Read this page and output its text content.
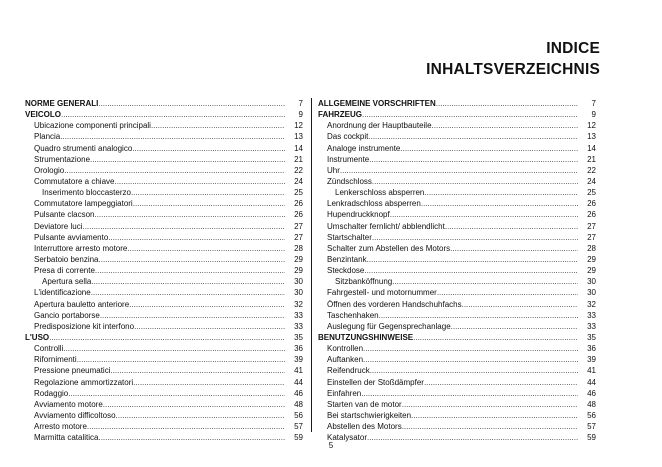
INDICE
INHALTSVERZEICHNIS
NORME GENERALI .....	7
VEICOLO .....	9
Ubicazione componenti principali .....	12
Plancia .....	13
Quadro strumenti analogico .....	14
Strumentazione .....	21
Orologio .....	22
Commutatore a chiave .....	24
Inserimento bloccasterzo .....	25
Commutatore lampeggiatori .....	26
Pulsante clacson .....	26
Deviatore luci .....	27
Pulsante avviamento .....	27
Interruttore arresto motore .....	28
Serbatoio benzina .....	29
Presa di corrente .....	29
Apertura sella .....	30
L'identificazione .....	30
Apertura bauletto anteriore .....	32
Gancio portaborse .....	33
Predisposizione kit interfono .....	33
L'USO .....	35
Controlli .....	36
Rifornimenti .....	39
Pressione pneumatici .....	41
Regolazione ammortizzatori .....	44
Rodaggio .....	46
Avviamento motore .....	48
Avviamento difficoltoso .....	56
Arresto motore .....	57
Marmitta catalitica .....	59
ALLGEMEINE VORSCHRIFTEN .....	7
FAHRZEUG .....	9
Anordnung der Hauptbauteile .....	12
Das cockpit .....	13
Analoge instrumente .....	14
Instrumente .....	21
Uhr .....	22
Zündschloss .....	24
Lenkerschloss absperren .....	25
Lenkradschloss absperren .....	26
Hupendruckknopf .....	26
Umschalter fernlicht/ abblendlicht .....	27
Startschalter .....	27
Schalter zum Abstellen des Motors .....	28
Benzintank .....	29
Steckdose .....	29
Sitzbanköffnung .....	30
Fahrgestell- und motornummer .....	30
Öffnen des vorderen Handschuhfachs .....	32
Taschenhaken .....	33
Auslegung für Gegensprechanlage .....	33
BENUTZUNGSHINWEISE .....	35
Kontrollen .....	36
Auftanken .....	39
Reifendruck .....	41
Einstellen der Stoßdämpfer .....	44
Einfahren .....	46
Starten van de motor .....	48
Bei startschwierigkeiten .....	56
Abstellen des Motors .....	57
Katalysator .....	59
5
